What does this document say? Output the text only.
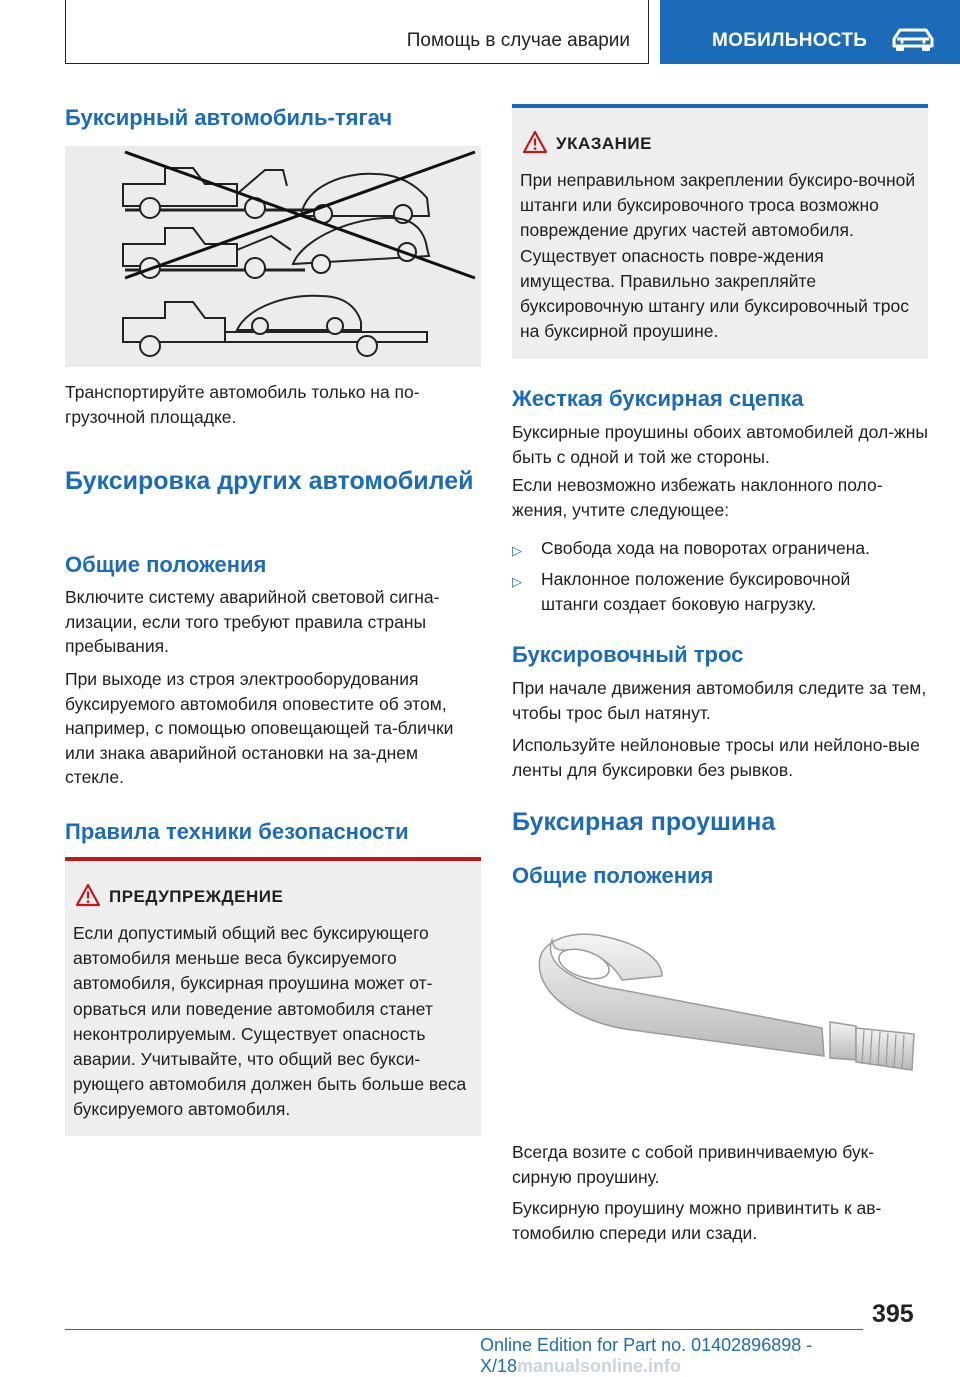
Помощь в случае аварии	МОБИЛЬНОСТЬ
Буксирный автомобиль-тягач

Транспортируйте автомобиль только на по-грузочной площадке.

Буксировка других автомобилей
Общие положения

Включите систему аварийной световой сигна-лизации, если того требуют правила страны пребывания.

При выходе из строя электрооборудования буксируемого автомобиля оповестите об этом, например, с помощью оповещающей та-блички или знака аварийной остановки на за-днем стекле.

Правила техники безопасности
ПРЕДУПРЕЖДЕНИЕ
Если допустимый общий вес буксирующего автомобиля меньше веса буксируемого автомобиля, буксирная проушина может от-орваться или поведение автомобиля станет неконтролируемым. Существует опасность аварии. Учитывайте, что общий вес букси-рующего автомобиля должен быть больше веса буксируемого автомобиля.
УКАЗАНИЕ
При неправильном закреплении буксиро-вочной штанги или буксировочного троса возможно повреждение других частей автомобиля. Существует опасность повре-ждения имущества. Правильно закрепляйте буксировочную штангу или буксировочный трос на буксирной проушине.
Жесткая буксирная сцепка

Буксирные проушины обоих автомобилей дол-жны быть с одной и той же стороны.

Если невозможно избежать наклонного поло-жения, учтите следующее:

▷ Свобода хода на поворотах ограничена.
▷ Наклонное положение буксировочной штанги создает боковую нагрузку.
Буксировочный трос

При начале движения автомобиля следите за тем, чтобы трос был натянут.

Используйте нейлоновые тросы или нейлоно-вые ленты для буксировки без рывков.

Буксирная проушина
Общие положения

Всегда возите с собой привинчиваемую бук-сирную проушину.

Буксирную проушину можно привинтить к ав-томобилю спереди или сзади.

395
Online Edition for Part no. 01402896898 - X/18manualsonline.info
